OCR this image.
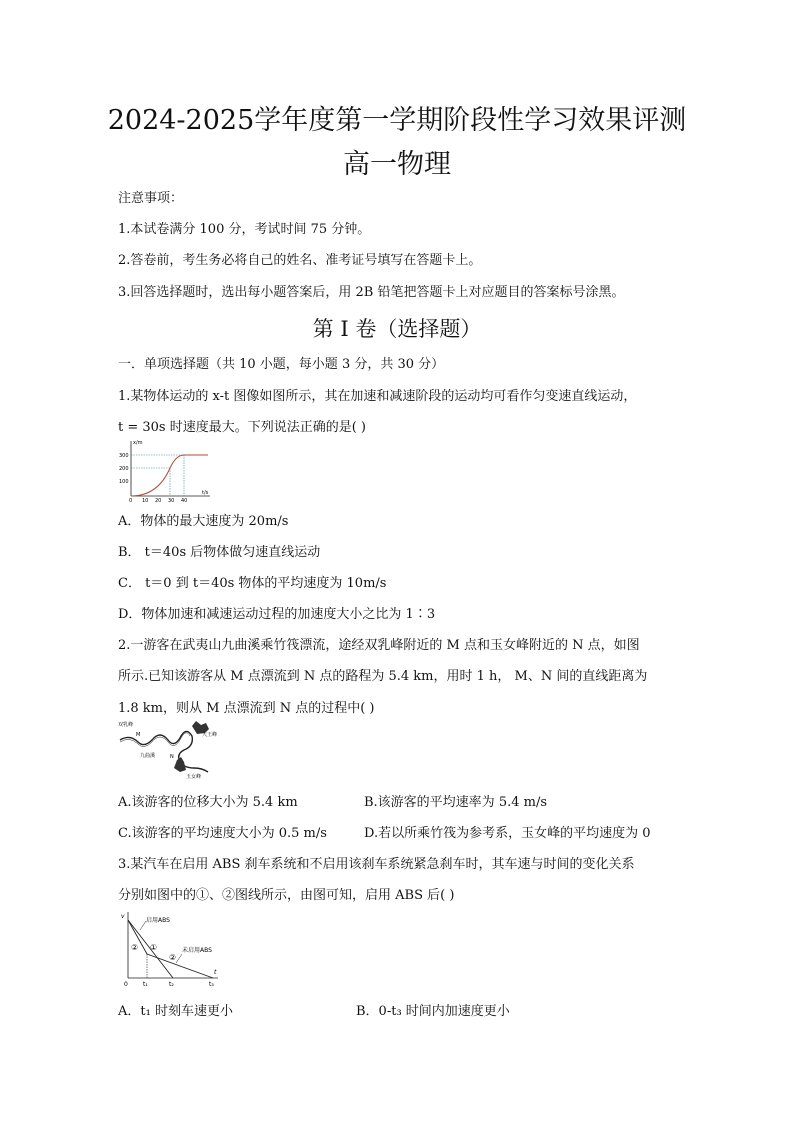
2024-2025学年度第一学期阶段性学习效果评测
高一物理
注意事项：
1.本试卷满分 100 分，考试时间 75 分钟。
2.答卷前，考生务必将自己的姓名、准考证号填写在答题卡上。
3.回答选择题时，选出每小题答案后，用 2B 铅笔把答题卡上对应题目的答案标号涂黑。
第 I 卷（选择题）
一．单项选择题（共 10 小题，每小题 3 分，共 30 分）
1.某物体运动的 x-t 图像如图所示，其在加速和减速阶段的运动均可看作匀变速直线运动，
t = 30s 时速度最大。下列说法正确的是( )
x/m
t/s
300
200
100
0 10 20 30 40
A．物体的最大速度为 20m/s
B． t＝40s 后物体做匀速直线运动
C． t＝0 到 t＝40s 物体的平均速度为 10m/s
D．物体加速和减速运动过程的加速度大小之比为 1∶3
2.一游客在武夷山九曲溪乘竹筏漂流，途经双乳峰附近的 M 点和玉女峰附近的 N 点，如图
所示.已知该游客从 M 点漂流到 N 点的路程为 5.4 km，用时 1 h， M、N 间的直线距离为
1.8 km，则从 M 点漂流到 N 点的过程中( )
双乳峰
M
九曲溪
大王峰
N
玉女峰
A.该游客的位移大小为 5.4 km	B.该游客的平均速率为 5.4 m/s
C.该游客的平均速度大小为 0.5 m/s	D.若以所乘竹筏为参考系，玉女峰的平均速度为 0
3.某汽车在启用 ABS 刹车系统和不启用该刹车系统紧急刹车时，其车速与时间的变化关系
分别如图中的①、②图线所示，由图可知，启用 ABS 后( )
v
t
0	t₁	t₂	t₃
启用ABS
未启用ABS
①
②
②
A．t₁ 时刻车速更小	B．0-t₃ 时间内加速度更小
